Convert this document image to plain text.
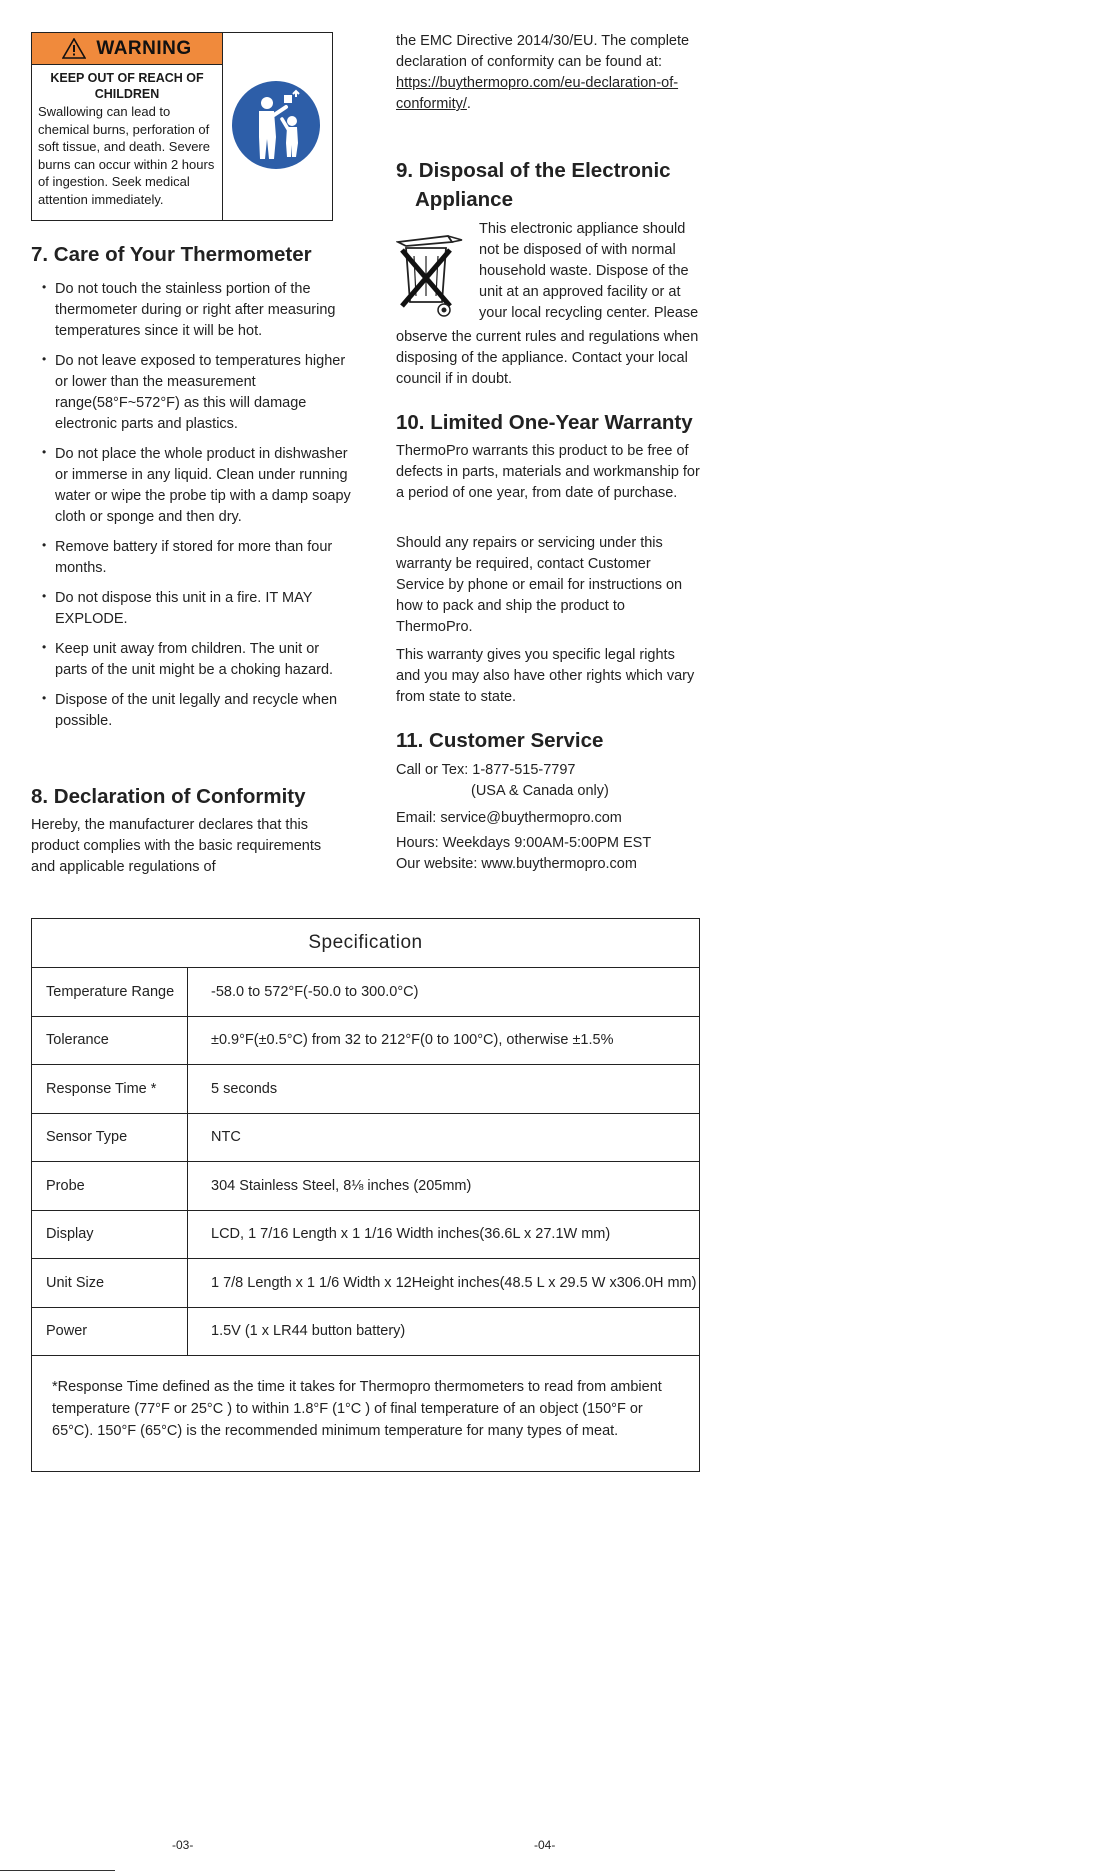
WARNING
KEEP OUT OF REACH OF CHILDREN
Swallowing can lead to chemical burns, perforation of soft tissue, and death. Severe burns can occur within 2 hours of ingestion. Seek medical attention immediately.
7. Care of Your Thermometer
• Do not touch the stainless portion of the thermometer during or right after measuring temperatures since it will be hot.
• Do not leave exposed to temperatures higher or lower than the measurement range(58°F~572°F) as this will damage electronic parts and plastics.
• Do not place the whole product in dishwasher or immerse in any liquid. Clean under running water or wipe the probe tip with a damp soapy cloth or sponge and then dry.
• Remove battery if stored for more than four months.
• Do not dispose this unit in a fire. IT MAY EXPLODE.
• Keep unit away from children. The unit or parts of the unit might be a choking hazard.
• Dispose of the unit legally and recycle when possible.
8. Declaration of Conformity
Hereby, the manufacturer declares that this product complies with the basic requirements and applicable regulations of
the EMC Directive 2014/30/EU. The complete declaration of conformity can be found at: https://buythermopro.com/eu-declaration-of-conformity/.
9. Disposal of the Electronic
Appliance
This electronic appliance should not be disposed of with normal household waste. Dispose of the unit at an approved facility or at your local recycling center. Please
observe the current rules and regulations when disposing of the appliance. Contact your local council if in doubt.
10. Limited One-Year Warranty
ThermoPro warrants this product to be free of defects in parts, materials and workmanship for a period of one year, from date of purchase.
Should any repairs or servicing under this warranty be required, contact Customer Service by phone or email for instructions on how to pack and ship the product to ThermoPro.
This warranty gives you specific legal rights and you may also have other rights which vary from state to state.
11. Customer Service
Call or Tex: 1-877-515-7797
(USA & Canada only)
Email: service@buythermopro.com
Hours: Weekdays 9:00AM-5:00PM EST
Our website: www.buythermopro.com
Specification
Temperature Range	-58.0 to 572°F(-50.0 to 300.0°C)
Tolerance	±0.9°F(±0.5°C) from 32 to 212°F(0 to 100°C), otherwise ±1.5%
Response Time *	5 seconds
Sensor Type	NTC
Probe	304 Stainless Steel, 8⅛ inches (205mm)
Display	LCD, 1 7/16 Length x 1 1/16 Width inches(36.6L x 27.1W mm)
Unit Size	1 7/8 Length x 1 1/6 Width x 12Height inches(48.5 L x 29.5 W x306.0H mm)
Power	1.5V (1 x LR44 button battery)
*Response Time defined as the time it takes for Thermopro thermometers to read from ambient temperature (77°F or 25°C ) to within 1.8°F (1°C ) of final temperature of an object (150°F or 65°C). 150°F (65°C) is the recommended minimum temperature for many types of meat.
-03-	-04-
